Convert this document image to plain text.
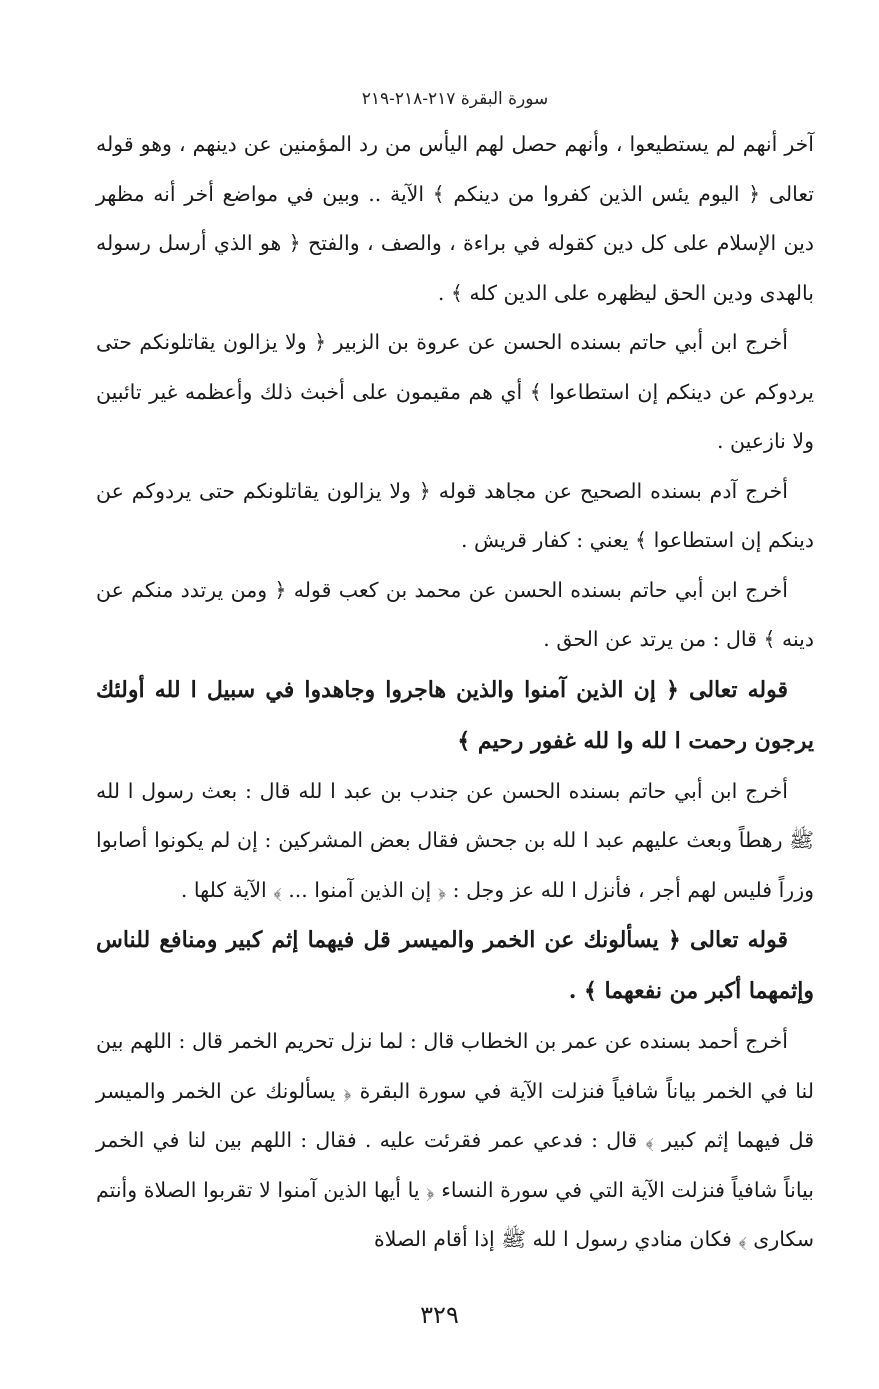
سورة البقرة ٢١٧-٢١٨-٢١٩

آخر أنهم لم يستطيعوا ، وأنهم حصل لهم اليأس من رد المؤمنين عن دينهم ، وهو قوله تعالى ﴿ اليوم يئس الذين كفروا من دينكم ﴾ الآية .. وبين في مواضع أخر أنه مظهر دين الإسلام على كل دين كقوله في براءة ، والصف ، والفتح ﴿ هو الذي أرسل رسوله بالهدى ودين الحق ليظهره على الدين كله ﴾ .

أخرج ابن أبي حاتم بسنده الحسن عن عروة بن الزبير ﴿ ولا يزالون يقاتلونكم حتى يردوكم عن دينكم إن استطاعوا ﴾ أي هم مقيمون على أخبث ذلك وأعظمه غير تائبين ولا نازعين .

أخرج آدم بسنده الصحيح عن مجاهد قوله ﴿ ولا يزالون يقاتلونكم حتى يردوكم عن دينكم إن استطاعوا ﴾ يعني : كفار قريش .

أخرج ابن أبي حاتم بسنده الحسن عن محمد بن كعب قوله ﴿ ومن يرتدد منكم عن دينه ﴾ قال : من يرتد عن الحق .

قوله تعالى ﴿ إن الذين آمنوا والذين هاجروا وجاهدوا في سبيل ا لله أولئك يرجون رحمت ا لله وا لله غفور رحيم ﴾

أخرج ابن أبي حاتم بسنده الحسن عن جندب بن عبد ا لله قال : بعث رسول ا لله ﷺ رهطاً وبعث عليهم عبد ا لله بن جحش فقال بعض المشركين : إن لم يكونوا أصابوا وزراً فليس لهم أجر ، فأنزل ا لله عز وجل : ﴿ إن الذين آمنوا ... ﴾ الآية كلها .

قوله تعالى ﴿ يسألونك عن الخمر والميسر قل فيهما إثم كبير ومنافع للناس وإثمهما أكبر من نفعهما ﴾ .

أخرج أحمد بسنده عن عمر بن الخطاب قال : لما نزل تحريم الخمر قال : اللهم بين لنا في الخمر بياناً شافياً فنزلت الآية في سورة البقرة ﴿ يسألونك عن الخمر والميسر قل فيهما إثم كبير ﴾ قال : فدعي عمر فقرئت عليه . فقال : اللهم بين لنا في الخمر بياناً شافياً فنزلت الآية التي في سورة النساء ﴿ يا أيها الذين آمنوا لا تقربوا الصلاة وأنتم سكارى ﴾ فكان منادي رسول ا لله ﷺ إذا أقام الصلاة

٣٢٩
